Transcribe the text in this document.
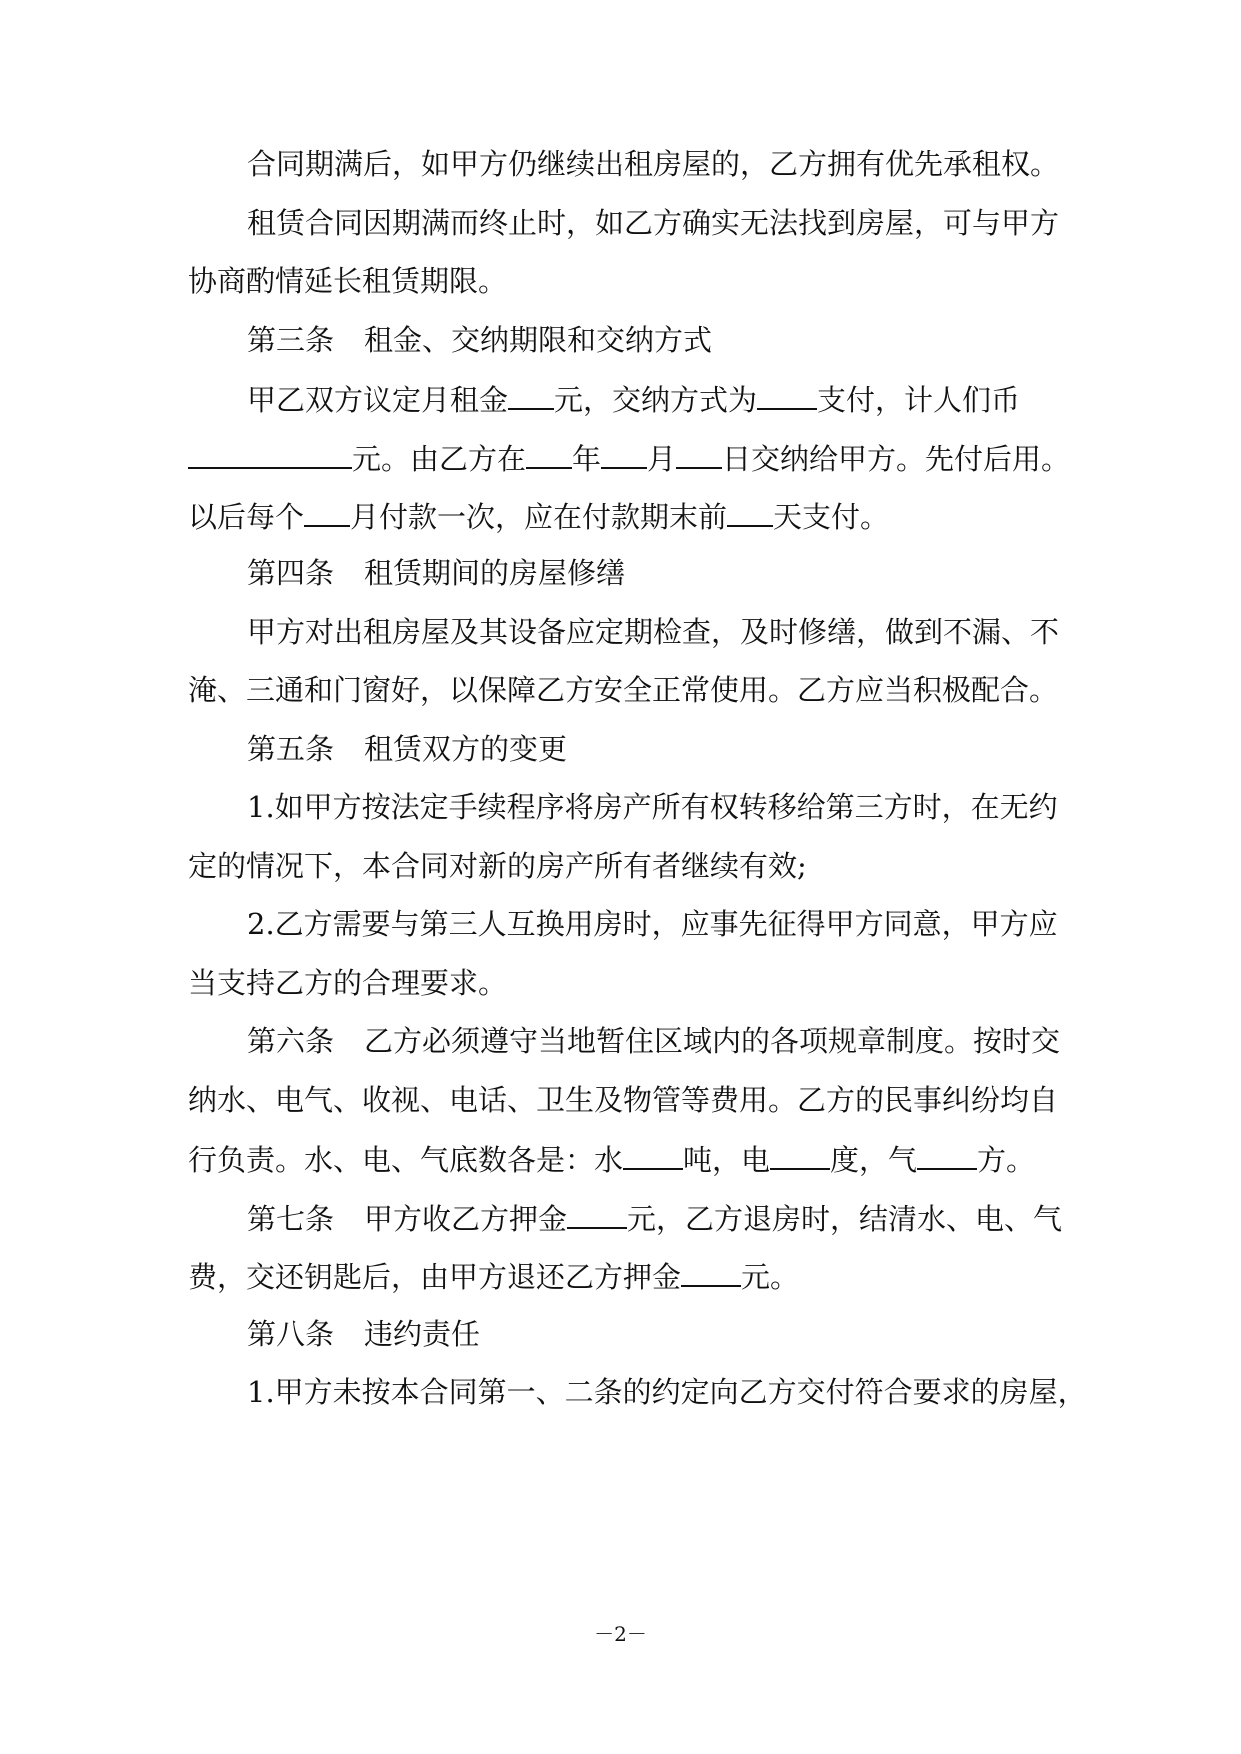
合同期满后，如甲方仍继续出租房屋的，乙方拥有优先承租权。
租赁合同因期满而终止时，如乙方确实无法找到房屋，可与甲方
协商酌情延长租赁期限。
第三条 租金、交纳期限和交纳方式
甲乙双方议定月租金 元，交纳方式为 支付，计人们币
元。由乙方在 年 月 日交纳给甲方。先付后用。
以后每个 月付款一次，应在付款期末前 天支付。
第四条 租赁期间的房屋修缮
甲方对出租房屋及其设备应定期检查，及时修缮，做到不漏、不
淹、三通和门窗好，以保障乙方安全正常使用。乙方应当积极配合。
第五条 租赁双方的变更
1.如甲方按法定手续程序将房产所有权转移给第三方时，在无约
定的情况下，本合同对新的房产所有者继续有效;
2.乙方需要与第三人互换用房时，应事先征得甲方同意，甲方应
当支持乙方的合理要求。
第六条 乙方必须遵守当地暂住区域内的各项规章制度。按时交
纳水、电气、收视、电话、卫生及物管等费用。乙方的民事纠纷均自
行负责。水、电、气底数各是：水 吨，电 度，气 方。
第七条 甲方收乙方押金 元，乙方退房时，结清水、电、气
费，交还钥匙后，由甲方退还乙方押金 元。
第八条 违约责任
1.甲方未按本合同第一、二条的约定向乙方交付符合要求的房屋，
－2－
